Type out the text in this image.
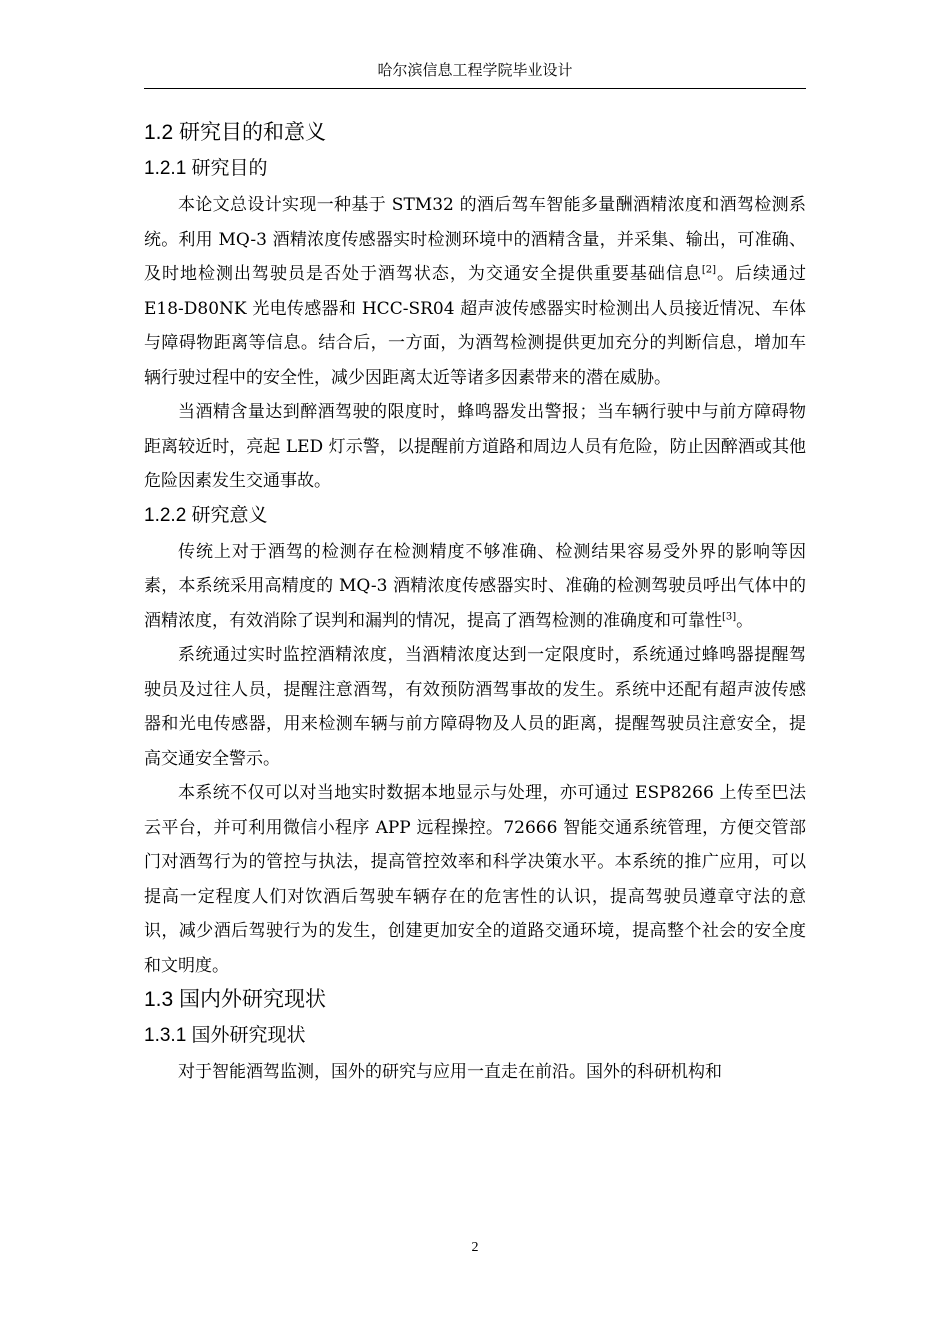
哈尔滨信息工程学院毕业设计
1.2 研究目的和意义
1.2.1 研究目的

本论文总设计实现一种基于 STM32 的酒后驾车智能多量酬酒精浓度和酒驾检测系统。利用 MQ-3 酒精浓度传感器实时检测环境中的酒精含量，并采集、输出，可准确、及时地检测出驾驶员是否处于酒驾状态，为交通安全提供重要基础信息[2]。后续通过 E18-D80NK 光电传感器和 HCC-SR04 超声波传感器实时检测出人员接近情况、车体与障碍物距离等信息。结合后，一方面，为酒驾检测提供更加充分的判断信息，增加车辆行驶过程中的安全性，减少因距离太近等诸多因素带来的潜在威胁。

当酒精含量达到醉酒驾驶的限度时，蜂鸣器发出警报；当车辆行驶中与前方障碍物距离较近时，亮起 LED 灯示警，以提醒前方道路和周边人员有危险，防止因醉酒或其他危险因素发生交通事故。

1.2.2 研究意义

传统上对于酒驾的检测存在检测精度不够准确、检测结果容易受外界的影响等因素，本系统采用高精度的 MQ-3 酒精浓度传感器实时、准确的检测驾驶员呼出气体中的酒精浓度，有效消除了误判和漏判的情况，提高了酒驾检测的准确度和可靠性[3]。

系统通过实时监控酒精浓度，当酒精浓度达到一定限度时，系统通过蜂鸣器提醒驾驶员及过往人员，提醒注意酒驾，有效预防酒驾事故的发生。系统中还配有超声波传感器和光电传感器，用来检测车辆与前方障碍物及人员的距离，提醒驾驶员注意安全，提高交通安全警示。

本系统不仅可以对当地实时数据本地显示与处理，亦可通过 ESP8266 上传至巴法云平台，并可利用微信小程序 APP 远程操控。72666 智能交通系统管理，方便交管部门对酒驾行为的管控与执法，提高管控效率和科学决策水平。本系统的推广应用，可以提高一定程度人们对饮酒后驾驶车辆存在的危害性的认识，提高驾驶员遵章守法的意识，减少酒后驾驶行为的发生，创建更加安全的道路交通环境，提高整个社会的安全度和文明度。

1.3 国内外研究现状
1.3.1 国外研究现状

对于智能酒驾监测，国外的研究与应用一直走在前沿。国外的科研机构和

2
